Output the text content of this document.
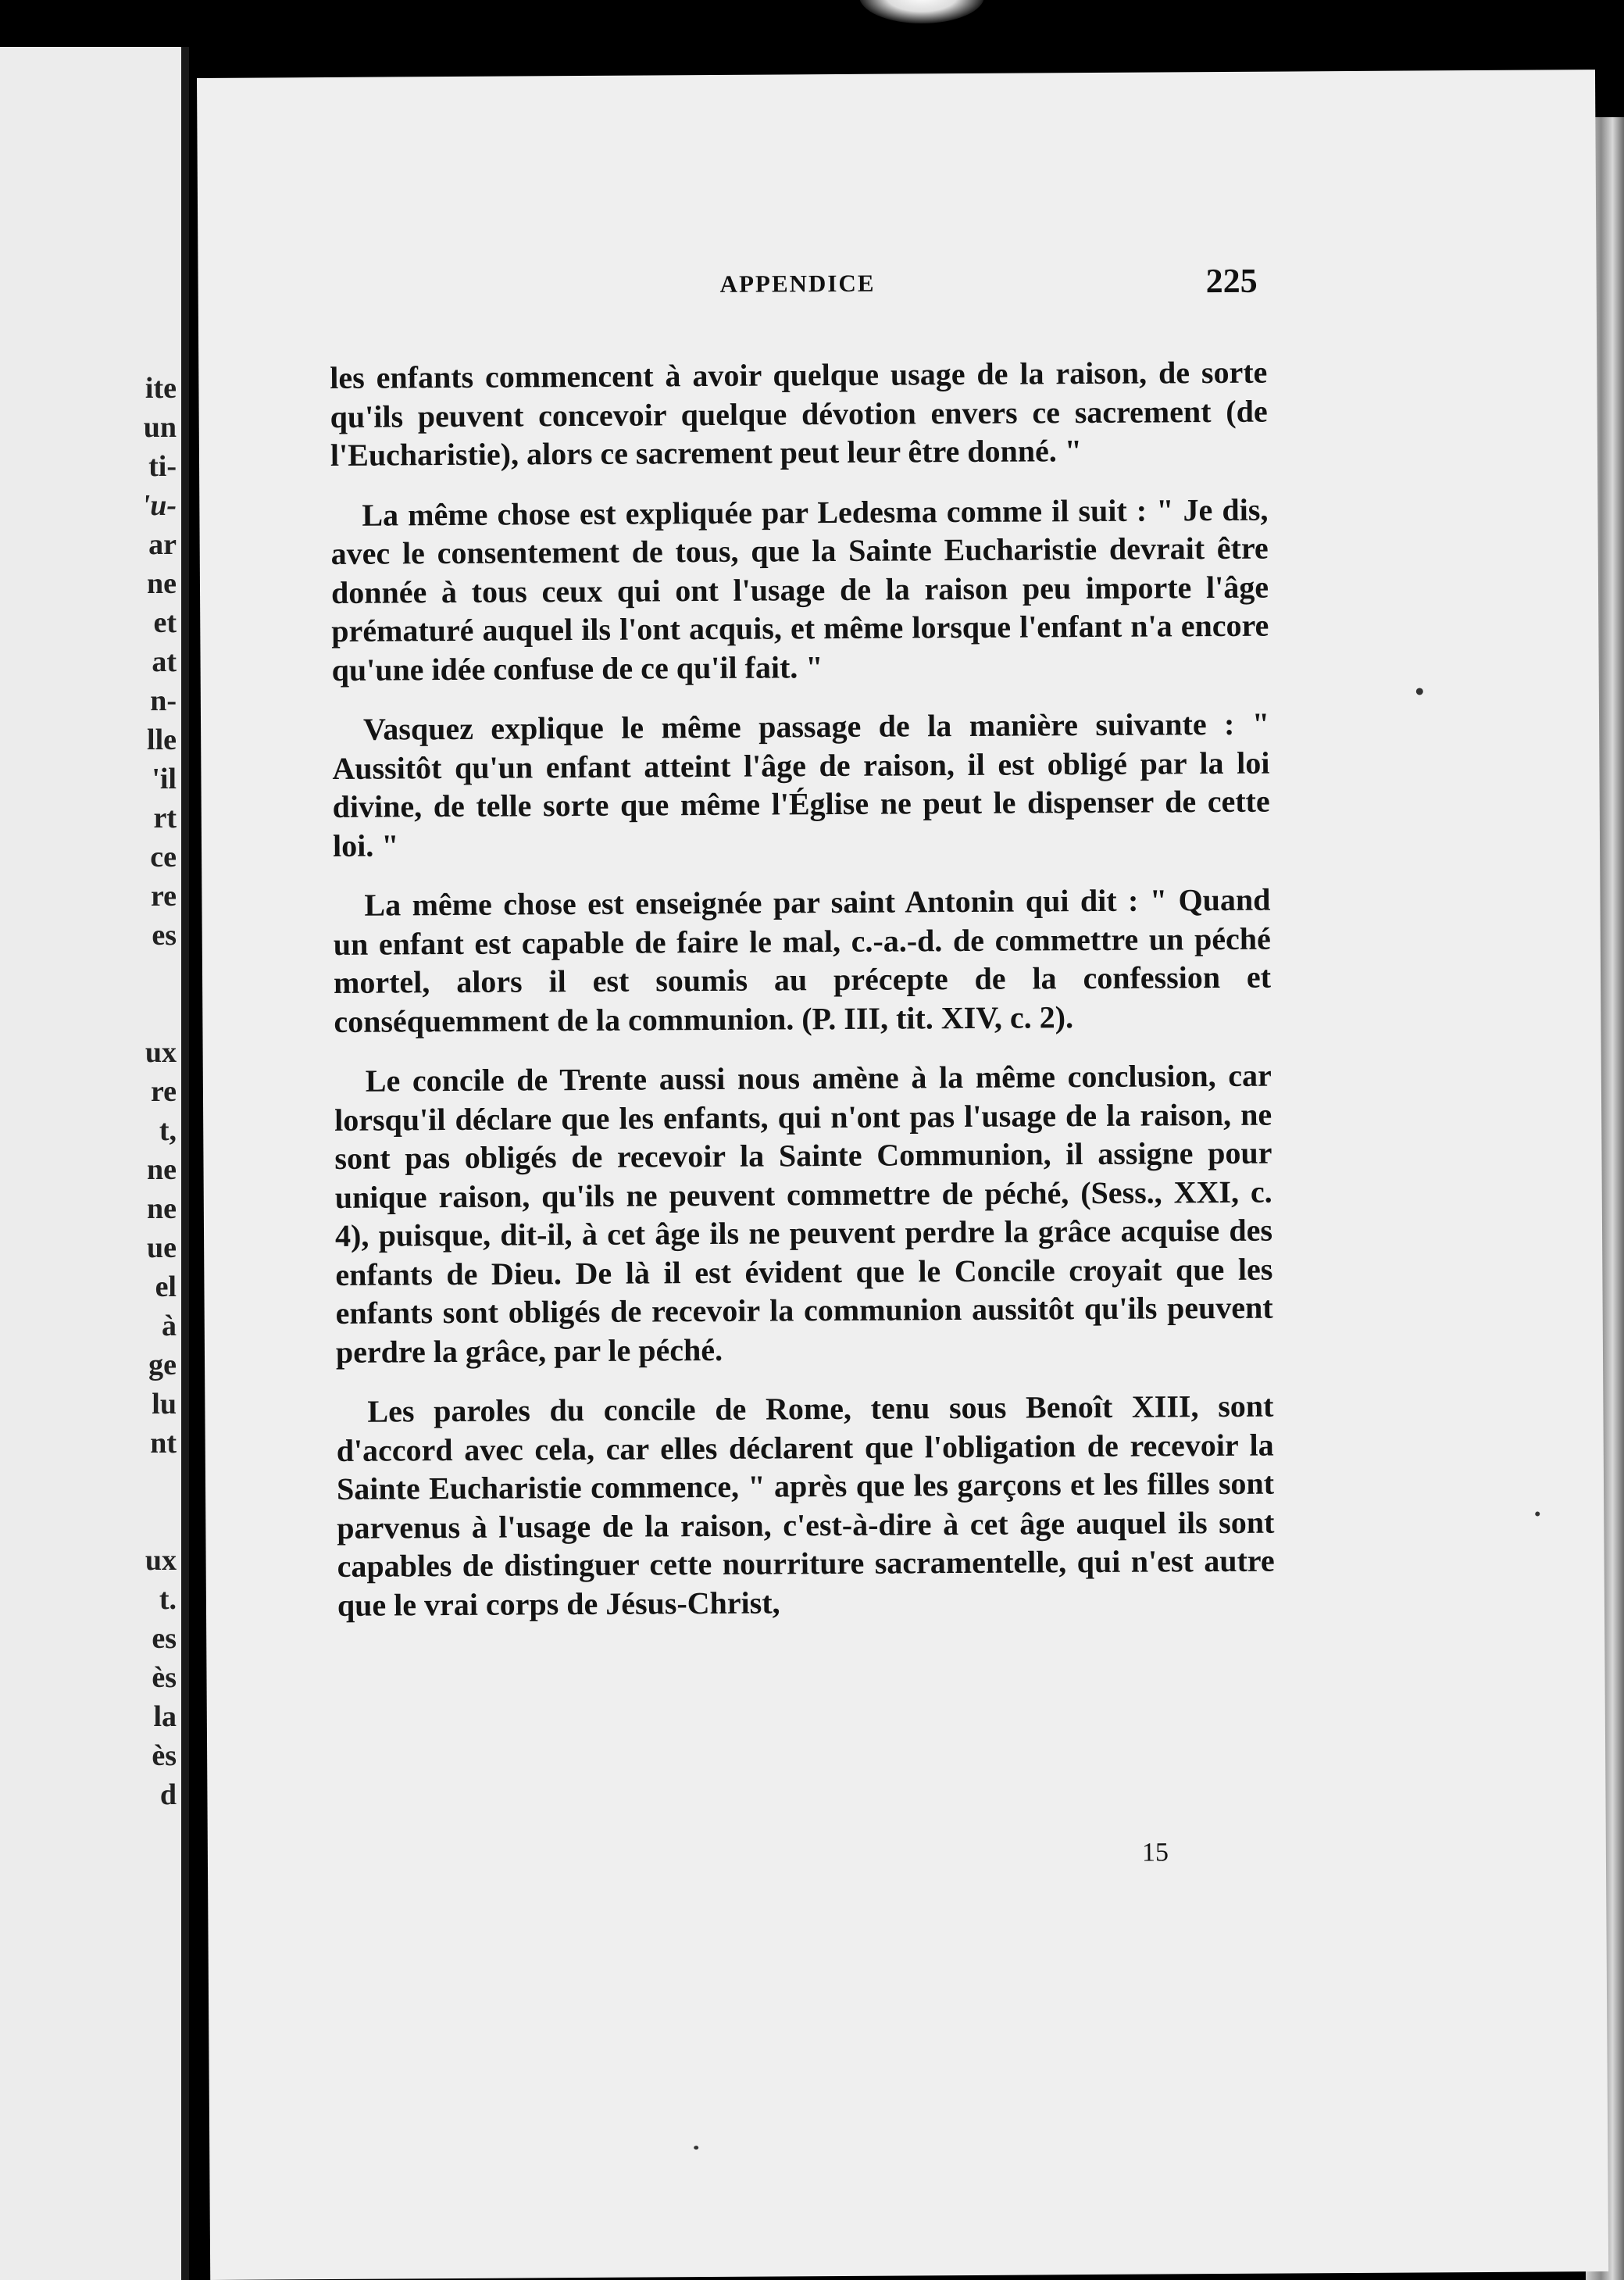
ite
un
ti-
'u-
ar
ne
et
at
n-
lle
'il
rt
ce
re
es
ux
re
t,
ne
ne
ue
el
à
ge
lu
nt
ux
t.
es
ès
la
ès
d
APPENDICE	225

les enfants commencent à avoir quelque usage de la raison, de sorte qu'ils peuvent concevoir quelque dévotion envers ce sacrement (de l'Eucharistie), alors ce sacrement peut leur être donné. "

La même chose est expliquée par Ledesma comme il suit : " Je dis, avec le consentement de tous, que la Sainte Eucharistie devrait être donnée à tous ceux qui ont l'usage de la raison peu importe l'âge prématuré auquel ils l'ont acquis, et même lorsque l'enfant n'a encore qu'une idée confuse de ce qu'il fait. "

Vasquez explique le même passage de la manière suivante : " Aussitôt qu'un enfant atteint l'âge de raison, il est obligé par la loi divine, de telle sorte que même l'Église ne peut le dispenser de cette loi. "

La même chose est enseignée par saint Antonin qui dit : " Quand un enfant est capable de faire le mal, c.-a.-d. de commettre un péché mortel, alors il est soumis au précepte de la confession et conséquemment de la communion. (P. III, tit. XIV, c. 2).

Le concile de Trente aussi nous amène à la même conclusion, car lorsqu'il déclare que les enfants, qui n'ont pas l'usage de la raison, ne sont pas obligés de recevoir la Sainte Communion, il assigne pour unique raison, qu'ils ne peuvent commettre de péché, (Sess., XXI, c. 4), puisque, dit-il, à cet âge ils ne peuvent perdre la grâce acquise des enfants de Dieu. De là il est évident que le Concile croyait que les enfants sont obligés de recevoir la communion aussitôt qu'ils peuvent perdre la grâce, par le péché.

Les paroles du concile de Rome, tenu sous Benoît XIII, sont d'accord avec cela, car elles déclarent que l'obligation de recevoir la Sainte Eucharistie commence, " après que les garçons et les filles sont parvenus à l'usage de la raison, c'est-à-dire à cet âge auquel ils sont capables de distinguer cette nourriture sacramentelle, qui n'est autre que le vrai corps de Jésus-Christ,

15
